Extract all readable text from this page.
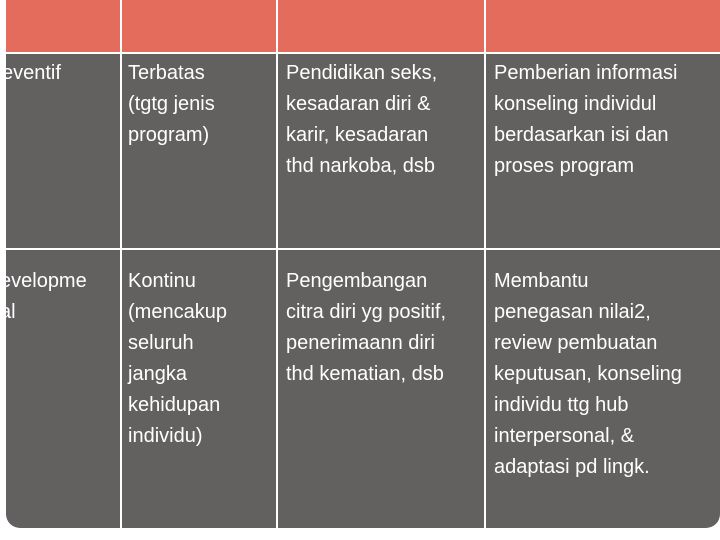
eventif	Terbatas
(tgtg jenis
program)

Pendidikan seks,
kesadaran diri &
karir, kesadaran
thd narkoba, dsb

Pemberian informasi
konseling individul
berdasarkan isi dan
proses program

evelopme
al

Kontinu
(mencakup
seluruh
jangka
kehidupan
individu)

Pengembangan
citra diri yg positif,
penerimaann diri
thd kematian, dsb

Membantu
penegasan nilai2,
review pembuatan
keputusan, konseling
individu ttg hub
interpersonal, &
adaptasi pd lingk.
